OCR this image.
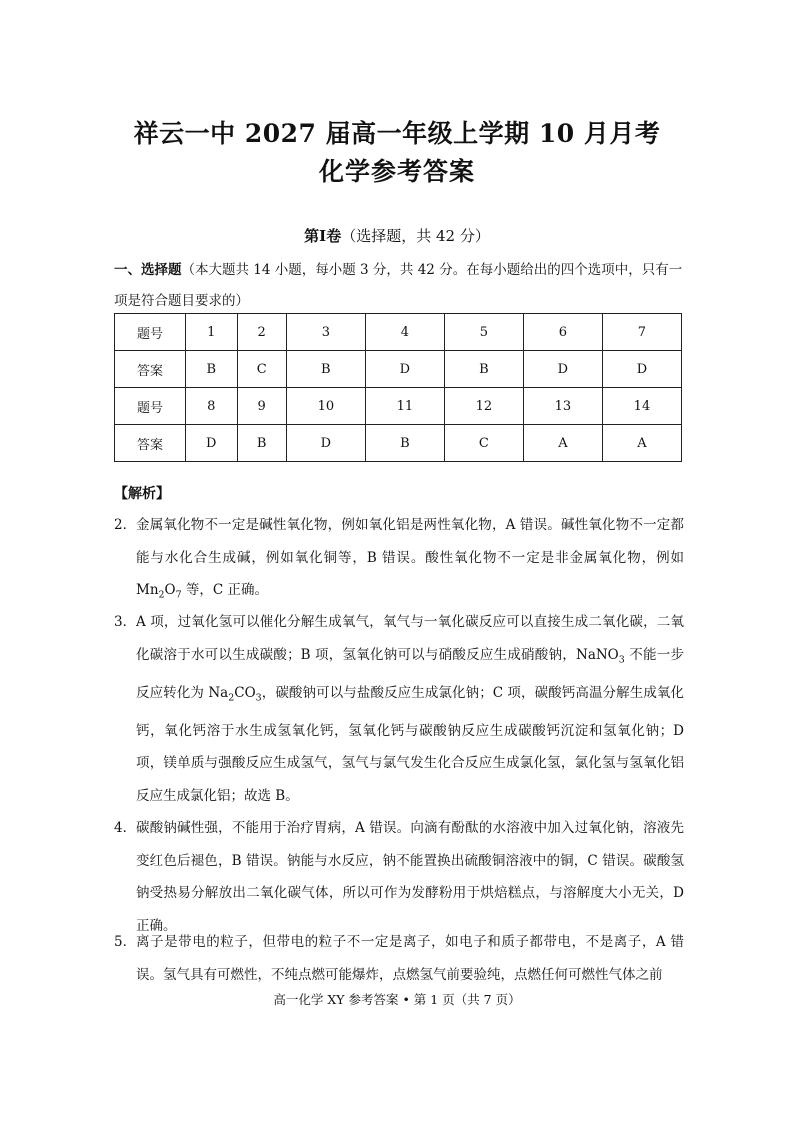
祥云一中 2027 届高一年级上学期 10 月月考
化学参考答案
第Ⅰ卷（选择题，共 42 分）
一、选择题（本大题共 14 小题，每小题 3 分，共 42 分。在每小题给出的四个选项中，只有一项是符合题目要求的）
题号	1	2	3	4	5	6	7
答案	B	C	B	D	B	D	D
题号	8	9	10	11	12	13	14
答案	D	B	D	B	C	A	A
【解析】
2． 金属氧化物不一定是碱性氧化物，例如氧化铝是两性氧化物，A 错误。碱性氧化物不一定都能与水化合生成碱，例如氧化铜等，B 错误。酸性氧化物不一定是非金属氧化物，例如 $Mn_2O_7$ 等，C 正确。
3． A 项，过氧化氢可以催化分解生成氧气，氧气与一氧化碳反应可以直接生成二氧化碳，二氧化碳溶于水可以生成碳酸；B 项，氢氧化钠可以与硝酸反应生成硝酸钠，NaNO$_3$ 不能一步反应转化为 $Na_2CO_3$，碳酸钠可以与盐酸反应生成氯化钠；C 项，碳酸钙高温分解生成氧化钙，氧化钙溶于水生成氢氧化钙，氢氧化钙与碳酸钠反应生成碳酸钙沉淀和氢氧化钠；D 项，镁单质与强酸反应生成氢气，氢气与氯气发生化合反应生成氯化氢，氯化氢与氢氧化铝反应生成氯化铝；故选 B。
4． 碳酸钠碱性强，不能用于治疗胃病，A 错误。向滴有酚酞的水溶液中加入过氧化钠，溶液先变红色后褪色，B 错误。钠能与水反应，钠不能置换出硫酸铜溶液中的铜，C 错误。碳酸氢钠受热易分解放出二氧化碳气体，所以可作为发酵粉用于烘焙糕点，与溶解度大小无关，D 正确。
5． 离子是带电的粒子，但带电的粒子不一定是离子，如电子和质子都带电，不是离子，A 错误。氢气具有可燃性，不纯点燃可能爆炸，点燃氢气前要验纯，点燃任何可燃性气体之前
高一化学 XY 参考答案 • 第 1 页（共 7 页）
